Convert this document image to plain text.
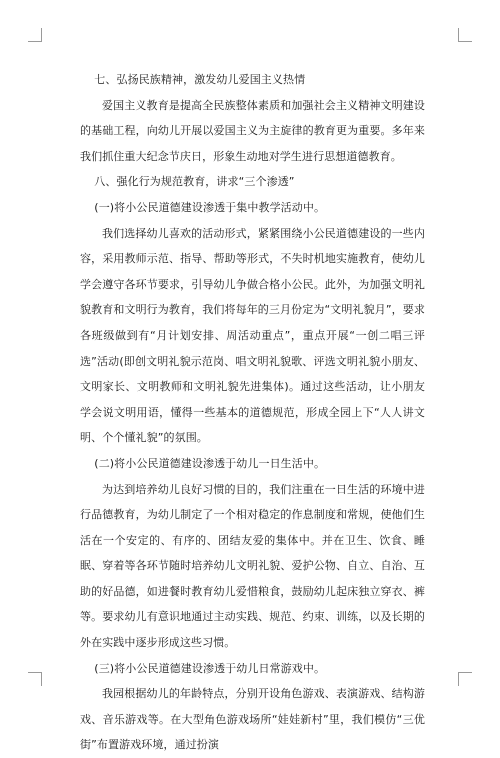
七、弘扬民族精神，激发幼儿爱国主义热情

爱国主义教育是提高全民族整体素质和加强社会主义精神文明建设的基础工程，向幼儿开展以爱国主义为主旋律的教育更为重要。多年来我们抓住重大纪念节庆日，形象生动地对学生进行思想道德教育。

八、强化行为规范教育，讲求“三个渗透”

(一)将小公民道德建设渗透于集中教学活动中。

我们选择幼儿喜欢的活动形式，紧紧围绕小公民道德建设的一些内容，采用教师示范、指导、帮助等形式，不失时机地实施教育，使幼儿学会遵守各环节要求，引导幼儿争做合格小公民。此外，为加强文明礼貌教育和文明行为教育，我们将每年的三月份定为“文明礼貌月”，要求各班级做到有“月计划安排、周活动重点”，重点开展“一创二唱三评选”活动(即创文明礼貌示范岗、唱文明礼貌歌、评选文明礼貌小朋友、文明家长、文明教师和文明礼貌先进集体)。通过这些活动，让小朋友学会说文明用语，懂得一些基本的道德规范，形成全园上下“人人讲文明、个个懂礼貌”的氛围。

(二)将小公民道德建设渗透于幼儿一日生活中。

为达到培养幼儿良好习惯的目的，我们注重在一日生活的环境中进行品德教育，为幼儿制定了一个相对稳定的作息制度和常规，使他们生活在一个安定的、有序的、团结友爱的集体中。并在卫生、饮食、睡眠、穿着等各环节随时培养幼儿文明礼貌、爱护公物、自立、自治、互助的好品德，如进餐时教育幼儿爱惜粮食，鼓励幼儿起床独立穿衣、裤等。要求幼儿有意识地通过主动实践、规范、约束、训练，以及长期的外在实践中逐步形成这些习惯。

(三)将小公民道德建设渗透于幼儿日常游戏中。

我园根据幼儿的年龄特点，分别开设角色游戏、表演游戏、结构游戏、音乐游戏等。在大型角色游戏场所“娃娃新村”里，我们模仿“三优街”布置游戏环境，通过扮演
